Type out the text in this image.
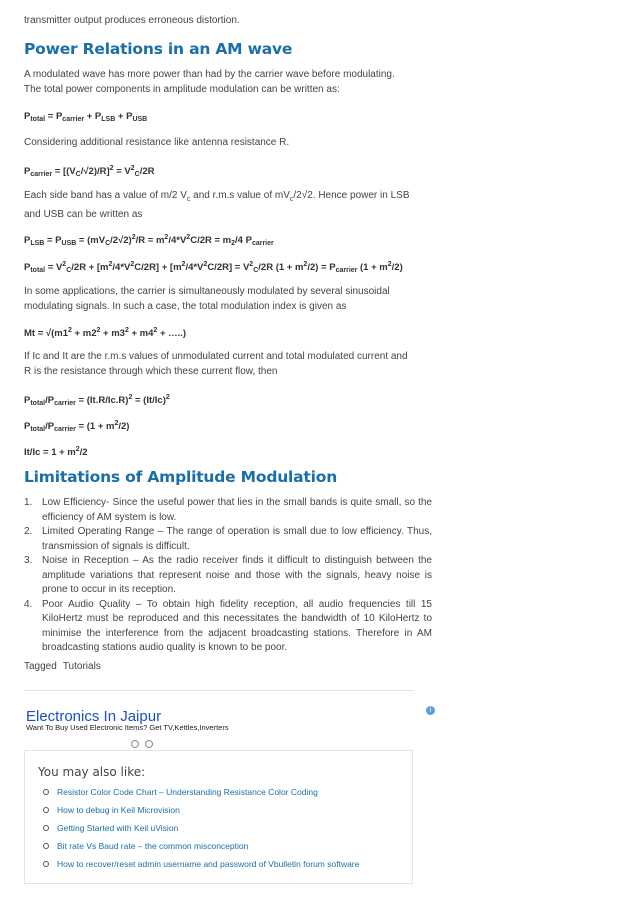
transmitter output produces erroneous distortion.

Power Relations in an AM wave

A modulated wave has more power than had by the carrier wave before modulating. The total power components in amplitude modulation can be written as:

$P_{total} = P_{carrier} + P_{LSB} + P_{USB}$

Considering additional resistance like antenna resistance R.

$P_{carrier} = [(V_C/√2)/R]^2 = V^2_C/2R$

Each side band has a value of m/2 $V_c$ and r.m.s value of $mV_c/2√2$. Hence power in LSB and USB can be written as

$P_{LSB} = P_{USB} = (mV_C/2√2)^2/R = m^2/4*V^2C/2R = m_2/4$ $P_{carrier}$

$P_{total} = V^2_C/2R + [m^2/4*V^2C/2R] + [m^2/4*V^2C/2R] = V^2_C/2R$ $(1 + m^2/2) = P_{carrier}$ $(1 + m^2/2)$

In some applications, the carrier is simultaneously modulated by several sinusoidal modulating signals. In such a case, the total modulation index is given as

$Mt = √(m1^2 + m2^2 + m3^2 + m4^2$ + …..)

If Ic and It are the r.m.s values of unmodulated current and total modulated current and R is the resistance through which these current flow, then

$P_{total}/P_{carrier} = (It.R/Ic.R)^2 = (It/Ic)^2$

$P_{total}/P_{carrier} = (1 + m^2/2)$

$It/Ic = 1 + m^2/2$

Limitations of Amplitude Modulation
1. Low Efficiency- Since the useful power that lies in the small bands is quite small, so the efficiency of AM system is low.
2. Limited Operating Range – The range of operation is small due to low efficiency. Thus, transmission of signals is difficult.
3. Noise in Reception – As the radio receiver finds it difficult to distinguish between the amplitude variations that represent noise and those with the signals, heavy noise is prone to occur in its reception.
4. Poor Audio Quality – To obtain high fidelity reception, all audio frequencies till 15 KiloHertz must be reproduced and this necessitates the bandwidth of 10 KiloHertz to minimise the interference from the adjacent broadcasting stations. Therefore in AM broadcasting stations audio quality is known to be poor.
Tagged Tutorials
Electronics In Jaipur
Want To Buy Used Electronic Items? Get TV,Kettles,Inverters
i
You may also like:
Resistor Color Code Chart – Understanding Resistance Color Coding
How to debug in Keil Microvision
Getting Started with Keil uVision
Bit rate Vs Baud rate – the common misconception
How to recover/reset admin username and password of Vbulletin forum software
